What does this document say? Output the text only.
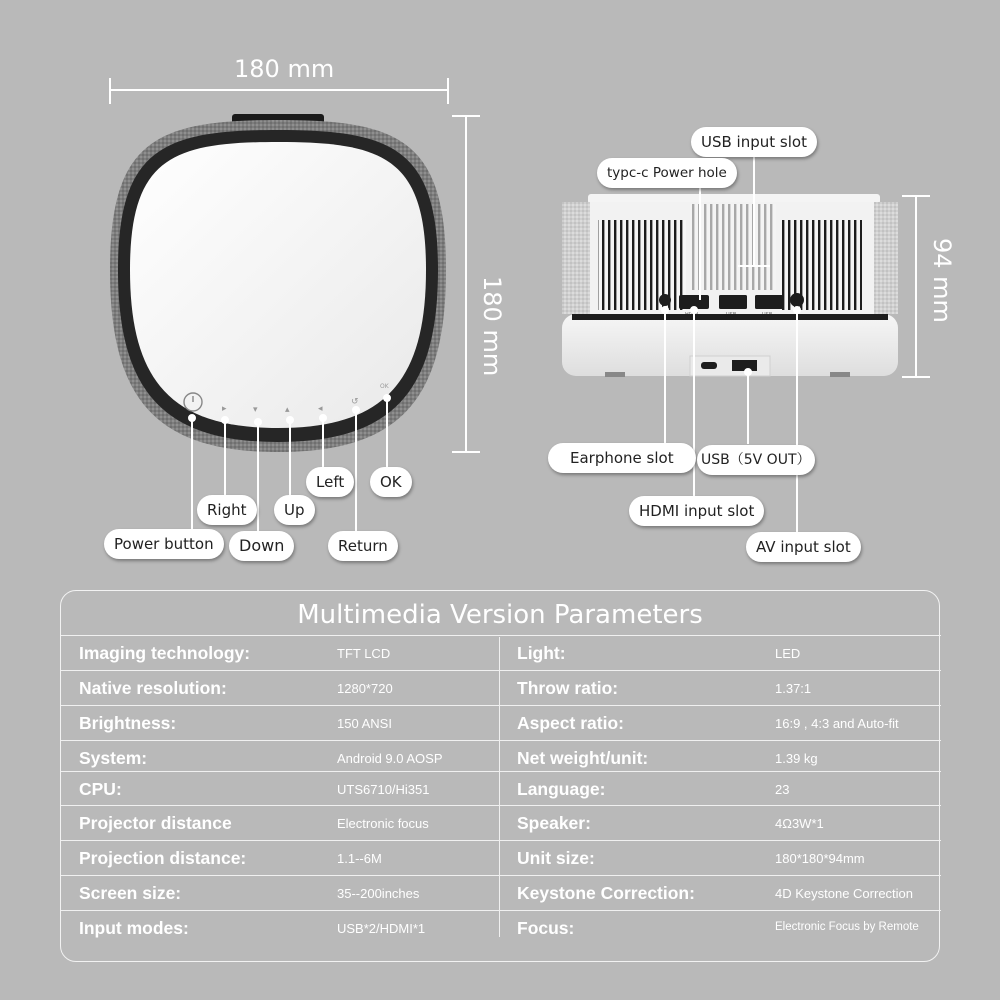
▸	▾	▴	◂
↺
OK
180 mm
180 mm	94 mm
Power button
Right
Down
Up
Left
Return
OK
USB input slot
typc-c Power hole
Earphone slot	USB（5V OUT）
HDMI input slot
AV input slot
Multimedia Version Parameters
Imaging technology:	TFT LCD	Light:	LED
Native resolution:	1280*720	Throw ratio:	1.37:1
Brightness:	150 ANSI	Aspect ratio:	16:9 , 4:3 and Auto-fit
System:	Android 9.0 AOSP	Net weight/unit:	1.39 kg
CPU:	UTS6710/Hi351	Language:	23
Projector distance	Electronic focus	Speaker:	4Ω3W*1
Projection distance:	1.1--6M	Unit size:	180*180*94mm
Screen size:	35--200inches	Keystone Correction:	4D Keystone Correction
Input modes:	USB*2/HDMI*1	Focus:	Electronic Focus by Remote
